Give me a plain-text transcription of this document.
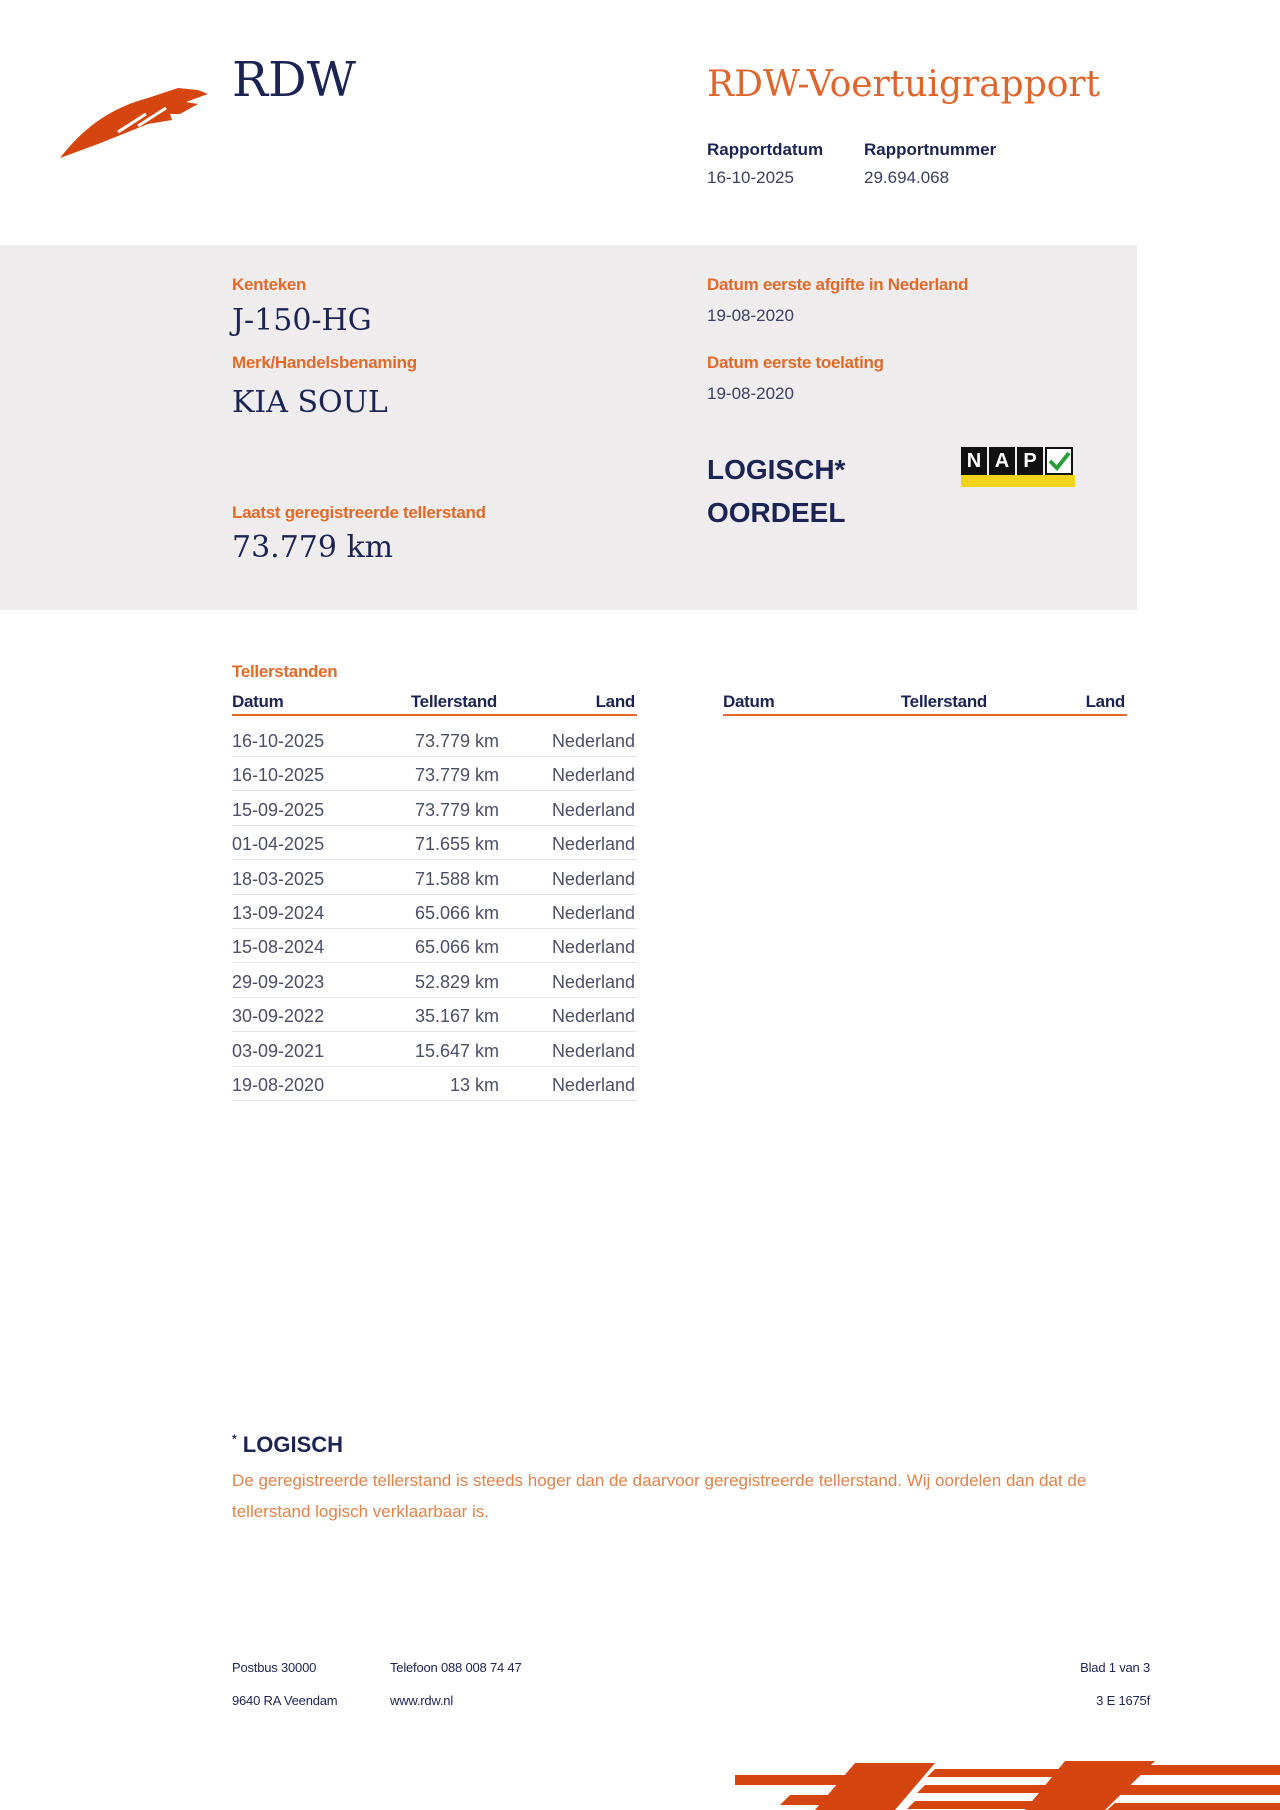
RDW	RDW-Voertuigrapport
Rapportdatum
16-10-2025
Rapportnummer
29.694.068
Kenteken
J-150-HG
Merk/Handelsbenaming
KIA SOUL
Datum eerste afgifte in Nederland
19-08-2020
Datum eerste toelating
19-08-2020
LOGISCH*
OORDEEL
N A P
Laatst geregistreerde tellerstand
73.779 km
Tellerstanden
Datum	Tellerstand	Land	Datum	Tellerstand	Land
16-10-2025	73.779 km	Nederland
16-10-2025	73.779 km	Nederland
15-09-2025	73.779 km	Nederland
01-04-2025	71.655 km	Nederland
18-03-2025	71.588 km	Nederland
13-09-2024	65.066 km	Nederland
15-08-2024	65.066 km	Nederland
29-09-2023	52.829 km	Nederland
30-09-2022	35.167 km	Nederland
03-09-2021	15.647 km	Nederland
19-08-2020	13 km	Nederland
* LOGISCH
De geregistreerde tellerstand is steeds hoger dan de daarvoor geregistreerde tellerstand. Wij oordelen dan dat de tellerstand logisch verklaarbaar is.
Postbus 30000
9640 RA Veendam
Telefoon 088 008 74 47
www.rdw.nl
Blad 1 van 3
3 E 1675f
